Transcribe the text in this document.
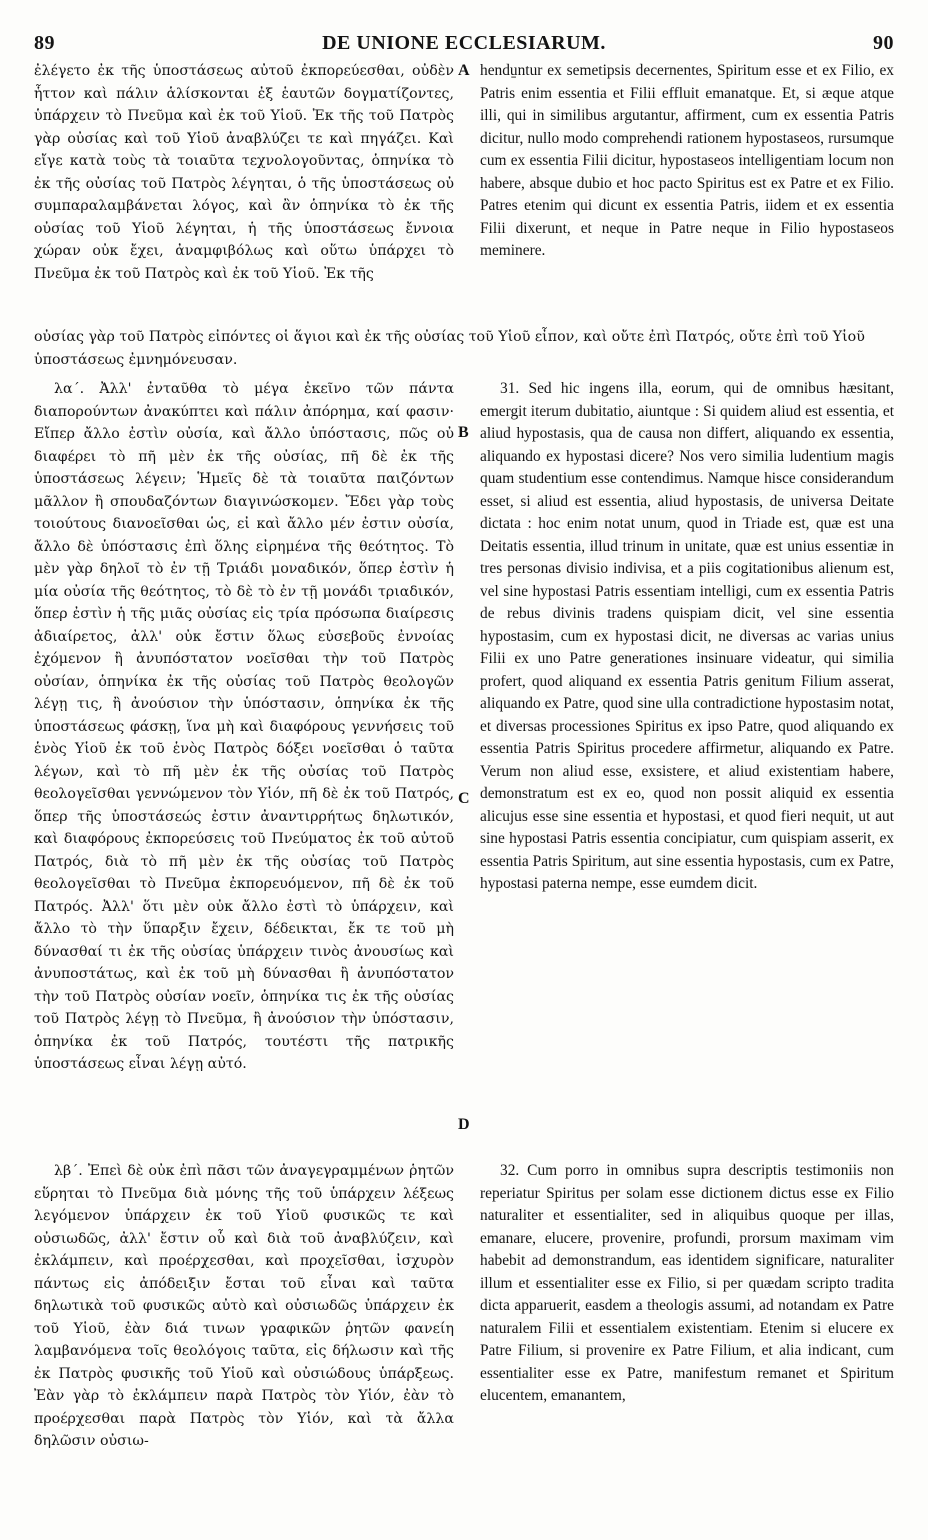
89	DE UNIONE ECCLESIARUM.	90

ἐλέγετο ἐκ τῆς ὑποστάσεως αὐτοῦ ἐκπορεύεσθαι, οὐδὲν ἧττον καὶ πάλιν ἁλίσκονται ἐξ ἑαυτῶν δογματίζοντες, ὑπάρχειν τὸ Πνεῦμα καὶ ἐκ τοῦ Υἱοῦ. Ἐκ τῆς τοῦ Πατρὸς γὰρ οὐσίας καὶ τοῦ Υἱοῦ ἀναβλύζει τε καὶ πηγάζει. Καὶ εἴγε κατὰ τοὺς τὰ τοιαῦτα τεχνολογοῦντας, ὁπηνίκα τὸ ἐκ τῆς οὐσίας τοῦ Πατρὸς λέγηται, ὁ τῆς ὑποστάσεως οὐ συμπαραλαμβάνεται λόγος, καὶ ἂν ὁπηνίκα τὸ ἐκ τῆς οὐσίας τοῦ Υἱοῦ λέγηται, ἡ τῆς ὑποστάσεως ἔννοια χώραν οὐκ ἔχει, ἀναμφιβόλως καὶ οὕτω ὑπάρχει τὸ Πνεῦμα ἐκ τοῦ Πατρὸς καὶ ἐκ τοῦ Υἱοῦ. Ἐκ τῆς

hendu̱ntur ex semetipsis decernentes, Spiritum esse et ex Filio, ex Patris enim essentia et Filii effluit emanatque. Et, si æque atque illi, qui in similibus argutantur, affirment, cum ex essentia Patris dicitur, nullo modo comprehendi rationem hypostaseos, rursumque cum ex essentia Filii dicitur, hypostaseos intelligentiam locum non habere, absque dubio et hoc pacto Spiritus est ex Patre et ex Filio. Patres etenim qui dicunt ex essentia Patris, iidem et ex essentia Filii dixerunt, et neque in Patre neque in Filio hypostaseos meminere.

οὐσίας γὰρ τοῦ Πατρὸς εἰπόντες οἱ ἅγιοι καὶ ἐκ τῆς οὐσίας τοῦ Υἱοῦ εἶπον, καὶ οὔτε ἐπὶ Πατρός, οὔτε ἐπὶ τοῦ Υἱοῦ ὑποστάσεως ἐμνημόνευσαν.

λα΄. Ἀλλ' ἐνταῦθα τὸ μέγα ἐκεῖνο τῶν πάντα διαπορούντων ἀνακύπτει καὶ πάλιν ἀπόρημα, καί φασιν· Εἴπερ ἄλλο ἐστὶν οὐσία, καὶ ἄλλο ὑπόστασις, πῶς οὐ διαφέρει τὸ πῆ μὲν ἐκ τῆς οὐσίας, πῆ δὲ ἐκ τῆς ὑποστάσεως λέγειν; Ἡμεῖς δὲ τὰ τοιαῦτα παιζόντων μᾶλλον ἢ σπουδαζόντων διαγινώσκομεν. Ἔδει γὰρ τοὺς τοιούτους διανοεῖσθαι ὡς, εἰ καὶ ἄλλο μέν ἐστιν οὐσία, ἄλλο δὲ ὑπόστασις ἐπὶ ὅλης εἰρημένα τῆς θεότητος. Τὸ μὲν γὰρ δηλοῖ τὸ ἐν τῇ Τριάδι μοναδικόν, ὅπερ ἐστὶν ἡ μία οὐσία τῆς θεότητος, τὸ δὲ τὸ ἐν τῇ μονάδι τριαδικόν, ὅπερ ἐστὶν ἡ τῆς μιᾶς οὐσίας εἰς τρία πρόσωπα διαίρεσις ἀδιαίρετος, ἀλλ' οὐκ ἔστιν ὅλως εὐσεβοῦς ἐννοίας ἐχόμενον ἢ ἀνυπόστατον νοεῖσθαι τὴν τοῦ Πατρὸς οὐσίαν, ὁπηνίκα ἐκ τῆς οὐσίας τοῦ Πατρὸς θεολογῶν λέγῃ τις, ἢ ἀνούσιον τὴν ὑπόστασιν, ὁπηνίκα ἐκ τῆς ὑποστάσεως φάσκῃ, ἵνα μὴ καὶ διαφόρους γεννήσεις τοῦ ἑνὸς Υἱοῦ ἐκ τοῦ ἑνὸς Πατρὸς δόξει νοεῖσθαι ὁ ταῦτα λέγων, καὶ τὸ πῆ μὲν ἐκ τῆς οὐσίας τοῦ Πατρὸς θεολογεῖσθαι γεννώμενον τὸν Υἱόν, πῆ δὲ ἐκ τοῦ Πατρός, ὅπερ τῆς ὑποστάσεώς ἐστιν ἀναντιρρήτως δηλωτικόν, καὶ διαφόρους ἐκπορεύσεις τοῦ Πνεύματος ἐκ τοῦ αὐτοῦ Πατρός, διὰ τὸ πῆ μὲν ἐκ τῆς οὐσίας τοῦ Πατρὸς θεολογεῖσθαι τὸ Πνεῦμα ἐκπορευόμενον, πῆ δὲ ἐκ τοῦ Πατρός. Ἀλλ' ὅτι μὲν οὐκ ἄλλο ἐστὶ τὸ ὑπάρχειν, καὶ ἄλλο τὸ τὴν ὕπαρξιν ἔχειν, δέδεικται, ἔκ τε τοῦ μὴ δύνασθαί τι ἐκ τῆς οὐσίας ὑπάρχειν τινὸς ἀνουσίως καὶ ἀνυποστάτως, καὶ ἐκ τοῦ μὴ δύνασθαι ἢ ἀνυπόστατον τὴν τοῦ Πατρὸς οὐσίαν νοεῖν, ὁπηνίκα τις ἐκ τῆς οὐσίας τοῦ Πατρὸς λέγῃ τὸ Πνεῦμα, ἢ ἀνούσιον τὴν ὑπόστασιν, ὁπηνίκα ἐκ τοῦ Πατρός, τουτέστι τῆς πατρικῆς ὑποστάσεως εἶναι λέγῃ αὐτό.

31. Sed hic ingens illa, eorum, qui de omnibus hæsitant, emergit iterum dubitatio, aiuntque : Si quidem aliud est essentia, et aliud hypostasis, qua de causa non differt, aliquando ex essentia, aliquando ex hypostasi dicere? Nos vero similia ludentium magis quam studentium esse contendimus. Namque hisce considerandum esset, si aliud est essentia, aliud hypostasis, de universa Deitate dictata : hoc enim notat unum, quod in Triade est, quæ est una Deitatis essentia, illud trinum in unitate, quæ est unius essentiæ in tres personas divisio indivisa, et a piis cogitationibus alienum est, vel sine hypostasi Patris essentiam intelligi, cum ex essentia Patris de rebus divinis tradens quispiam dicit, vel sine essentia hypostasim, cum ex hypostasi dicit, ne diversas ac varias unius Filii ex uno Patre generationes insinuare videatur, qui similia profert, quod aliquand ex essentia Patris genitum Filium asserat, aliquando ex Patre, quod sine ulla contradictione hypostasim notat, et diversas processiones Spiritus ex ipso Patre, quod aliquando ex essentia Patris Spiritus procedere affirmetur, aliquando ex Patre. Verum non aliud esse, exsistere, et aliud existentiam habere, demonstratum est ex eo, quod non possit aliquid ex essentia alicujus esse sine essentia et hypostasi, et quod fieri nequit, ut aut sine hypostasi Patris essentia concipiatur, cum quispiam asserit, ex essentia Patris Spiritum, aut sine essentia hypostasis, cum ex Patre, hypostasi paterna nempe, esse eumdem dicit.

λβ΄. Ἐπεὶ δὲ οὐκ ἐπὶ πᾶσι τῶν ἀναγεγραμμένων ῥητῶν εὕρηται τὸ Πνεῦμα διὰ μόνης τῆς τοῦ ὑπάρχειν λέξεως λεγόμενον ὑπάρχειν ἐκ τοῦ Υἱοῦ φυσικῶς τε καὶ οὐσιωδῶς, ἀλλ' ἔστιν οὗ καὶ διὰ τοῦ ἀναβλύζειν, καὶ ἐκλάμπειν, καὶ προέρχεσθαι, καὶ προχεῖσθαι, ἰσχυρὸν πάντως εἰς ἀπόδειξιν ἔσται τοῦ εἶναι καὶ ταῦτα δηλωτικὰ τοῦ φυσικῶς αὐτὸ καὶ οὐσιωδῶς ὑπάρχειν ἐκ τοῦ Υἱοῦ, ἐὰν διά τινων γραφικῶν ῥητῶν φανείη λαμβανόμενα τοῖς θεολόγοις ταῦτα, εἰς δήλωσιν καὶ τῆς ἐκ Πατρὸς φυσικῆς τοῦ Υἱοῦ καὶ οὐσιώδους ὑπάρξεως. Ἐὰν γὰρ τὸ ἐκλάμπειν παρὰ Πατρὸς τὸν Υἱόν, ἐὰν τὸ προέρχεσθαι παρὰ Πατρὸς τὸν Υἱόν, καὶ τὰ ἄλλα δηλῶσιν οὐσιω-

32. Cum porro in omnibus supra descriptis testimoniis non reperiatur Spiritus per solam esse dictionem dictus esse ex Filio naturaliter et essentialiter, sed in aliquibus quoque per illas, emanare, elucere, provenire, profundi, prorsum maximam vim habebit ad demonstrandum, eas identidem significare, naturaliter illum et essentialiter esse ex Filio, si per quædam scripto tradita dicta apparuerit, easdem a theologis assumi, ad notandam ex Patre naturalem Filii et essentialem existentiam. Etenim si elucere ex Patre Filium, si provenire ex Patre Filium, et alia indicant, cum essentialiter esse ex Patre, manifestum remanet et Spiritum elucentem, emanantem,

A
B
C
D
